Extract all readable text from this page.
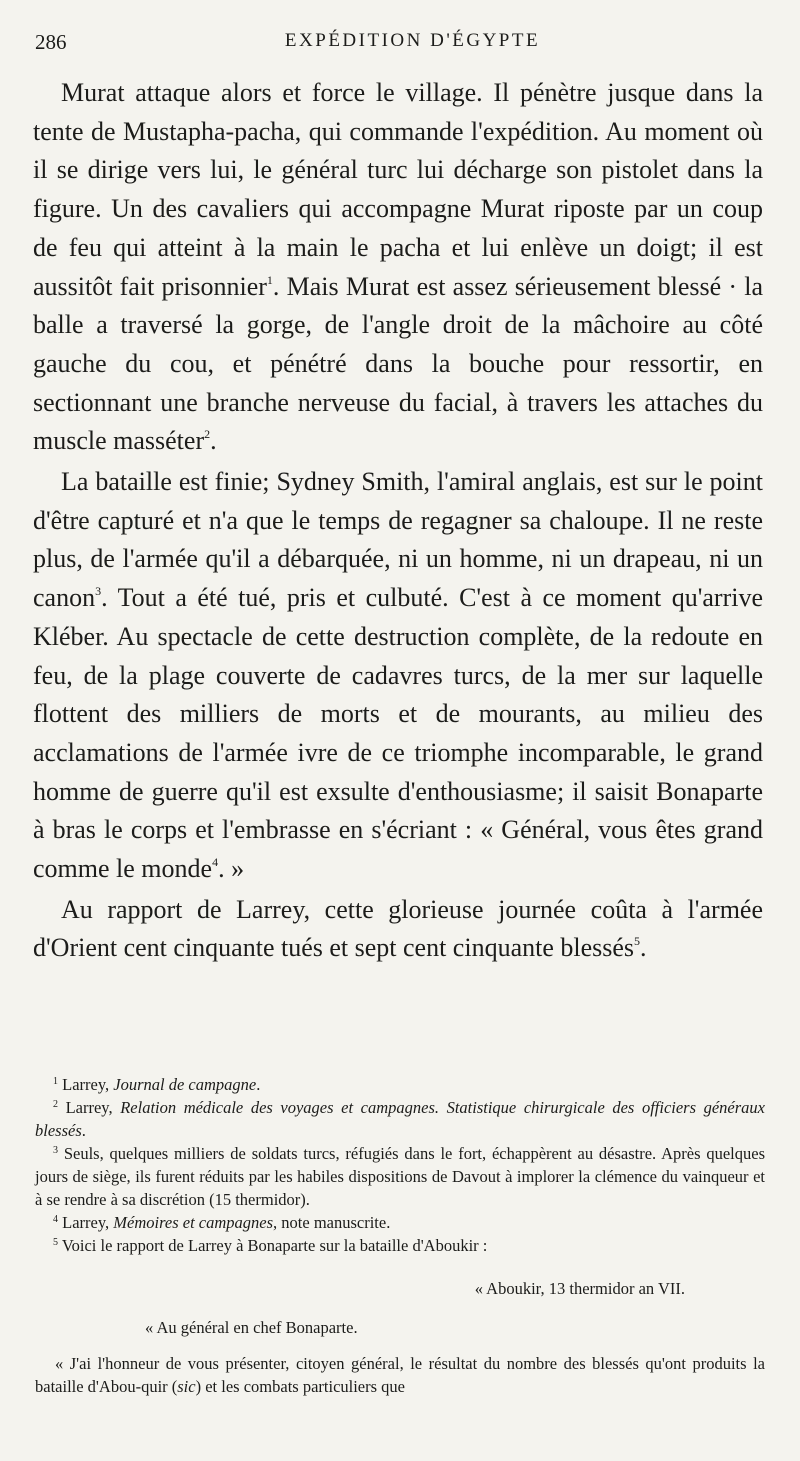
286	EXPÉDITION D'ÉGYPTE

Murat attaque alors et force le village. Il pénètre jusque dans la tente de Mustapha-pacha, qui commande l'expédition. Au moment où il se dirige vers lui, le général turc lui décharge son pistolet dans la figure. Un des cavaliers qui accompagne Murat riposte par un coup de feu qui atteint à la main le pacha et lui enlève un doigt; il est aussitôt fait prisonnier$^1$. Mais Murat est assez sérieusement blessé · la balle a traversé la gorge, de l'angle droit de la mâchoire au côté gauche du cou, et pénétré dans la bouche pour ressortir, en sectionnant une branche nerveuse du facial, à travers les attaches du muscle masséter$^2$.

La bataille est finie; Sydney Smith, l'amiral anglais, est sur le point d'être capturé et n'a que le temps de regagner sa chaloupe. Il ne reste plus, de l'armée qu'il a débarquée, ni un homme, ni un drapeau, ni un canon$^3$. Tout a été tué, pris et culbuté. C'est à ce moment qu'arrive Kléber. Au spectacle de cette destruction complète, de la redoute en feu, de la plage couverte de cadavres turcs, de la mer sur laquelle flottent des milliers de morts et de mourants, au milieu des acclamations de l'armée ivre de ce triomphe incomparable, le grand homme de guerre qu'il est exsulte d'enthousiasme; il saisit Bonaparte à bras le corps et l'embrasse en s'écriant : « Général, vous êtes grand comme le monde$^4$. »

Au rapport de Larrey, cette glorieuse journée coûta à l'armée d'Orient cent cinquante tués et sept cent cinquante blessés$^5$.

$^1$ Larrey, Journal de campagne.

$^2$ Larrey, Relation médicale des voyages et campagnes. Statistique chirurgicale des officiers généraux blessés.

$^3$ Seuls, quelques milliers de soldats turcs, réfugiés dans le fort, échappèrent au désastre. Après quelques jours de siège, ils furent réduits par les habiles dispositions de Davout à implorer la clémence du vainqueur et à se rendre à sa discrétion (15 thermidor).

$^4$ Larrey, Mémoires et campagnes, note manuscrite.

$^5$ Voici le rapport de Larrey à Bonaparte sur la bataille d'Aboukir :

« Aboukir, 13 thermidor an VII.

« Au général en chef Bonaparte.

« J'ai l'honneur de vous présenter, citoyen général, le résultat du nombre des blessés qu'ont produits la bataille d'Abou-quir (sic) et les combats particuliers que
